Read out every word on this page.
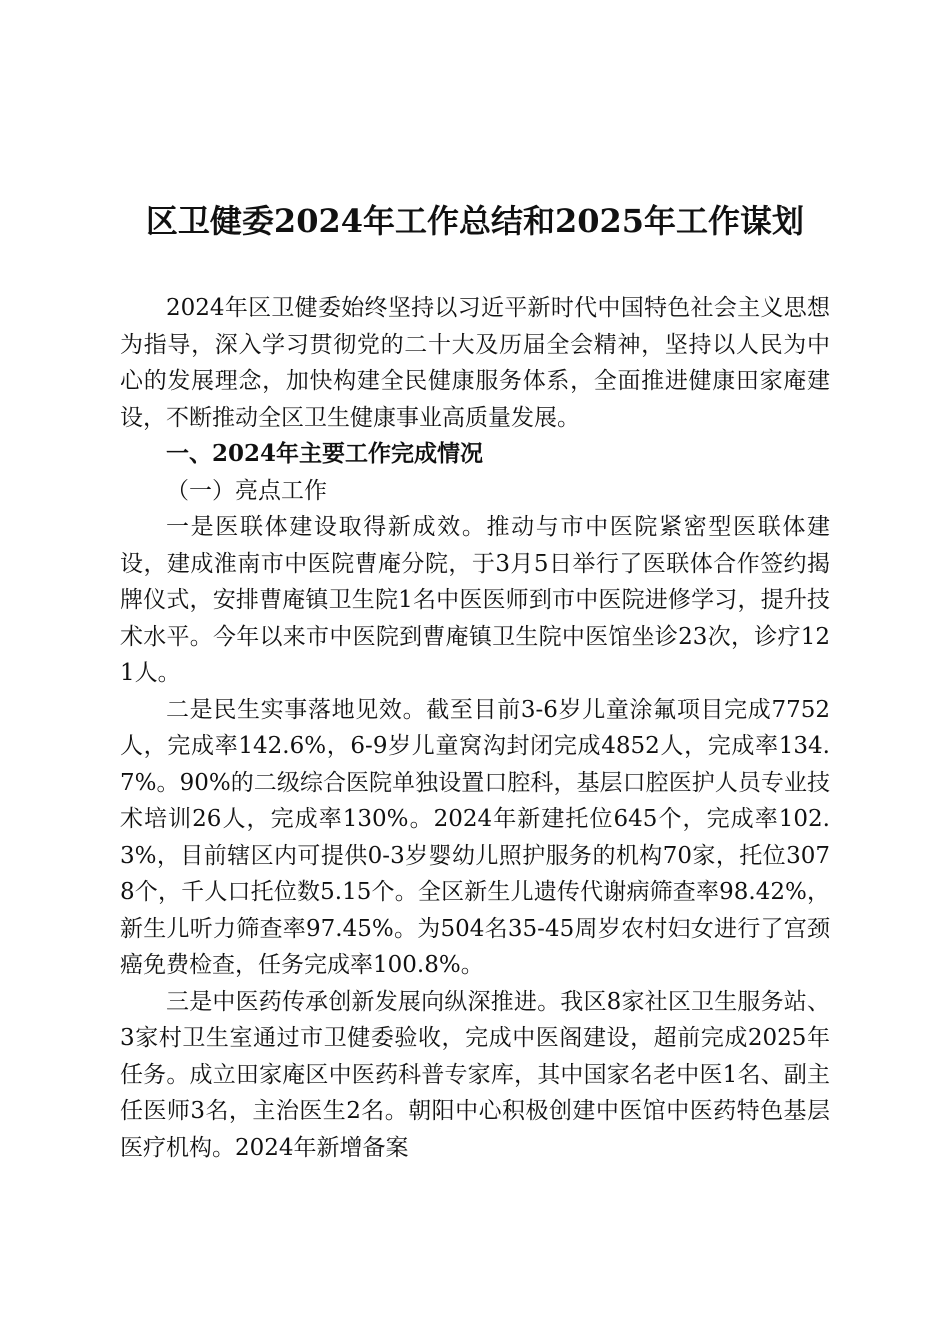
区卫健委2024年工作总结和2025年工作谋划

2024年区卫健委始终坚持以习近平新时代中国特色社会主义思想为指导，深入学习贯彻党的二十大及历届全会精神，坚持以人民为中心的发展理念，加快构建全民健康服务体系，全面推进健康田家庵建设，不断推动全区卫生健康事业高质量发展。

一、2024年主要工作完成情况

（一）亮点工作

一是医联体建设取得新成效。推动与市中医院紧密型医联体建设，建成淮南市中医院曹庵分院，于3月5日举行了医联体合作签约揭牌仪式，安排曹庵镇卫生院1名中医医师到市中医院进修学习，提升技术水平。今年以来市中医院到曹庵镇卫生院中医馆坐诊23次，诊疗121人。

二是民生实事落地见效。截至目前3-6岁儿童涂氟项目完成7752人，完成率142.6%，6-9岁儿童窝沟封闭完成4852人，完成率134.7%。90%的二级综合医院单独设置口腔科，基层口腔医护人员专业技术培训26人，完成率130%。2024年新建托位645个，完成率102.3%，目前辖区内可提供0-3岁婴幼儿照护服务的机构70家，托位3078个，千人口托位数5.15个。全区新生儿遗传代谢病筛查率98.42%，新生儿听力筛查率97.45%。为504名35-45周岁农村妇女进行了宫颈癌免费检查，任务完成率100.8%。

三是中医药传承创新发展向纵深推进。我区8家社区卫生服务站、3家村卫生室通过市卫健委验收，完成中医阁建设，超前完成2025年任务。成立田家庵区中医药科普专家库，其中国家名老中医1名、副主任医师3名，主治医生2名。朝阳中心积极创建中医馆中医药特色基层医疗机构。2024年新增备案
